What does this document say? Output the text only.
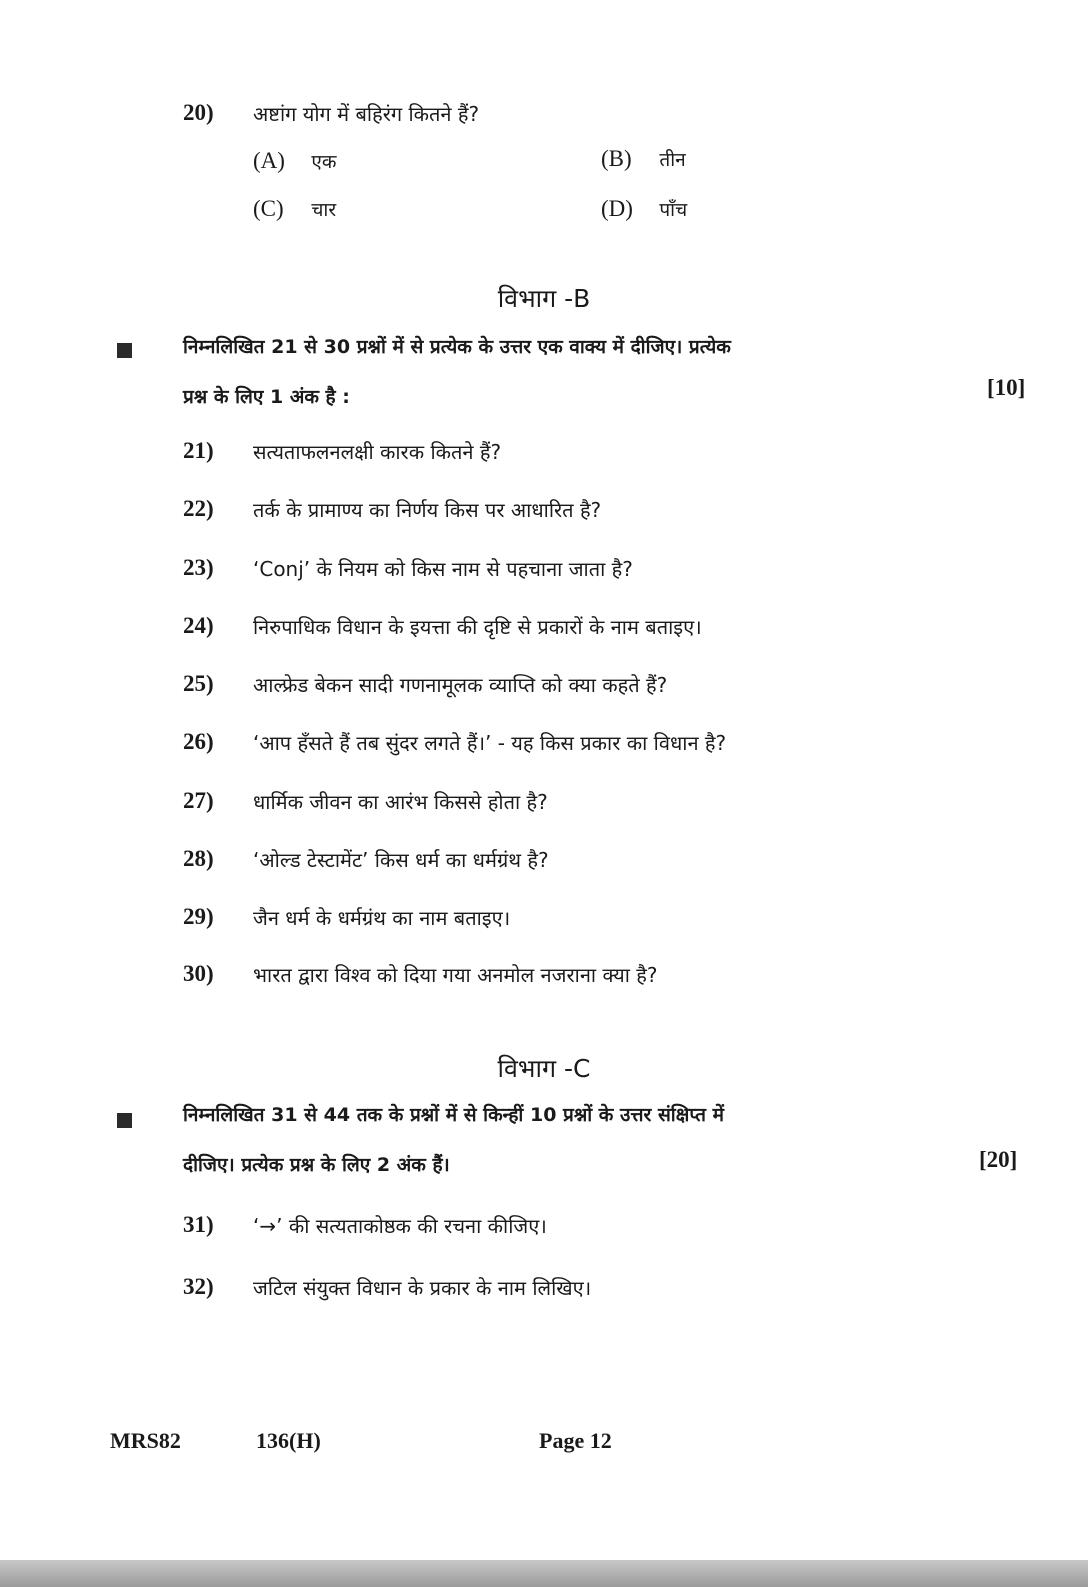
20)	अष्टांग योग में बहिरंग कितने हैं?
(A) एक	(B) तीन
(C) चार	(D) पाँच
विभाग -B
निम्नलिखित 21 से 30 प्रश्नों में से प्रत्येक के उत्तर एक वाक्य में दीजिए। प्रत्येक
प्रश्न के लिए 1 अंक है :	[10]
21)	सत्यताफलनलक्षी कारक कितने हैं?
22)	तर्क के प्रामाण्य का निर्णय किस पर आधारित है?
23)	‘Conj’ के नियम को किस नाम से पहचाना जाता है?
24)	निरुपाधिक विधान के इयत्ता की दृष्टि से प्रकारों के नाम बताइए।
25)	आल्फ्रेड बेकन सादी गणनामूलक व्याप्ति को क्या कहते हैं?
26)	‘आप हँसते हैं तब सुंदर लगते हैं।’ - यह किस प्रकार का विधान है?
27)	धार्मिक जीवन का आरंभ किससे होता है?
28)	‘ओल्ड टेस्टामेंट’ किस धर्म का धर्मग्रंथ है?
29)	जैन धर्म के धर्मग्रंथ का नाम बताइए।
30)	भारत द्वारा विश्व को दिया गया अनमोल नजराना क्या है?
विभाग -C
निम्नलिखित 31 से 44 तक के प्रश्नों में से किन्हीं 10 प्रश्नों के उत्तर संक्षिप्त में
दीजिए। प्रत्येक प्रश्न के लिए 2 अंक हैं।	[20]
31)	‘→’ की सत्यताकोष्ठक की रचना कीजिए।
32)	जटिल संयुक्त विधान के प्रकार के नाम लिखिए।
MRS82	136(H)	Page 12
